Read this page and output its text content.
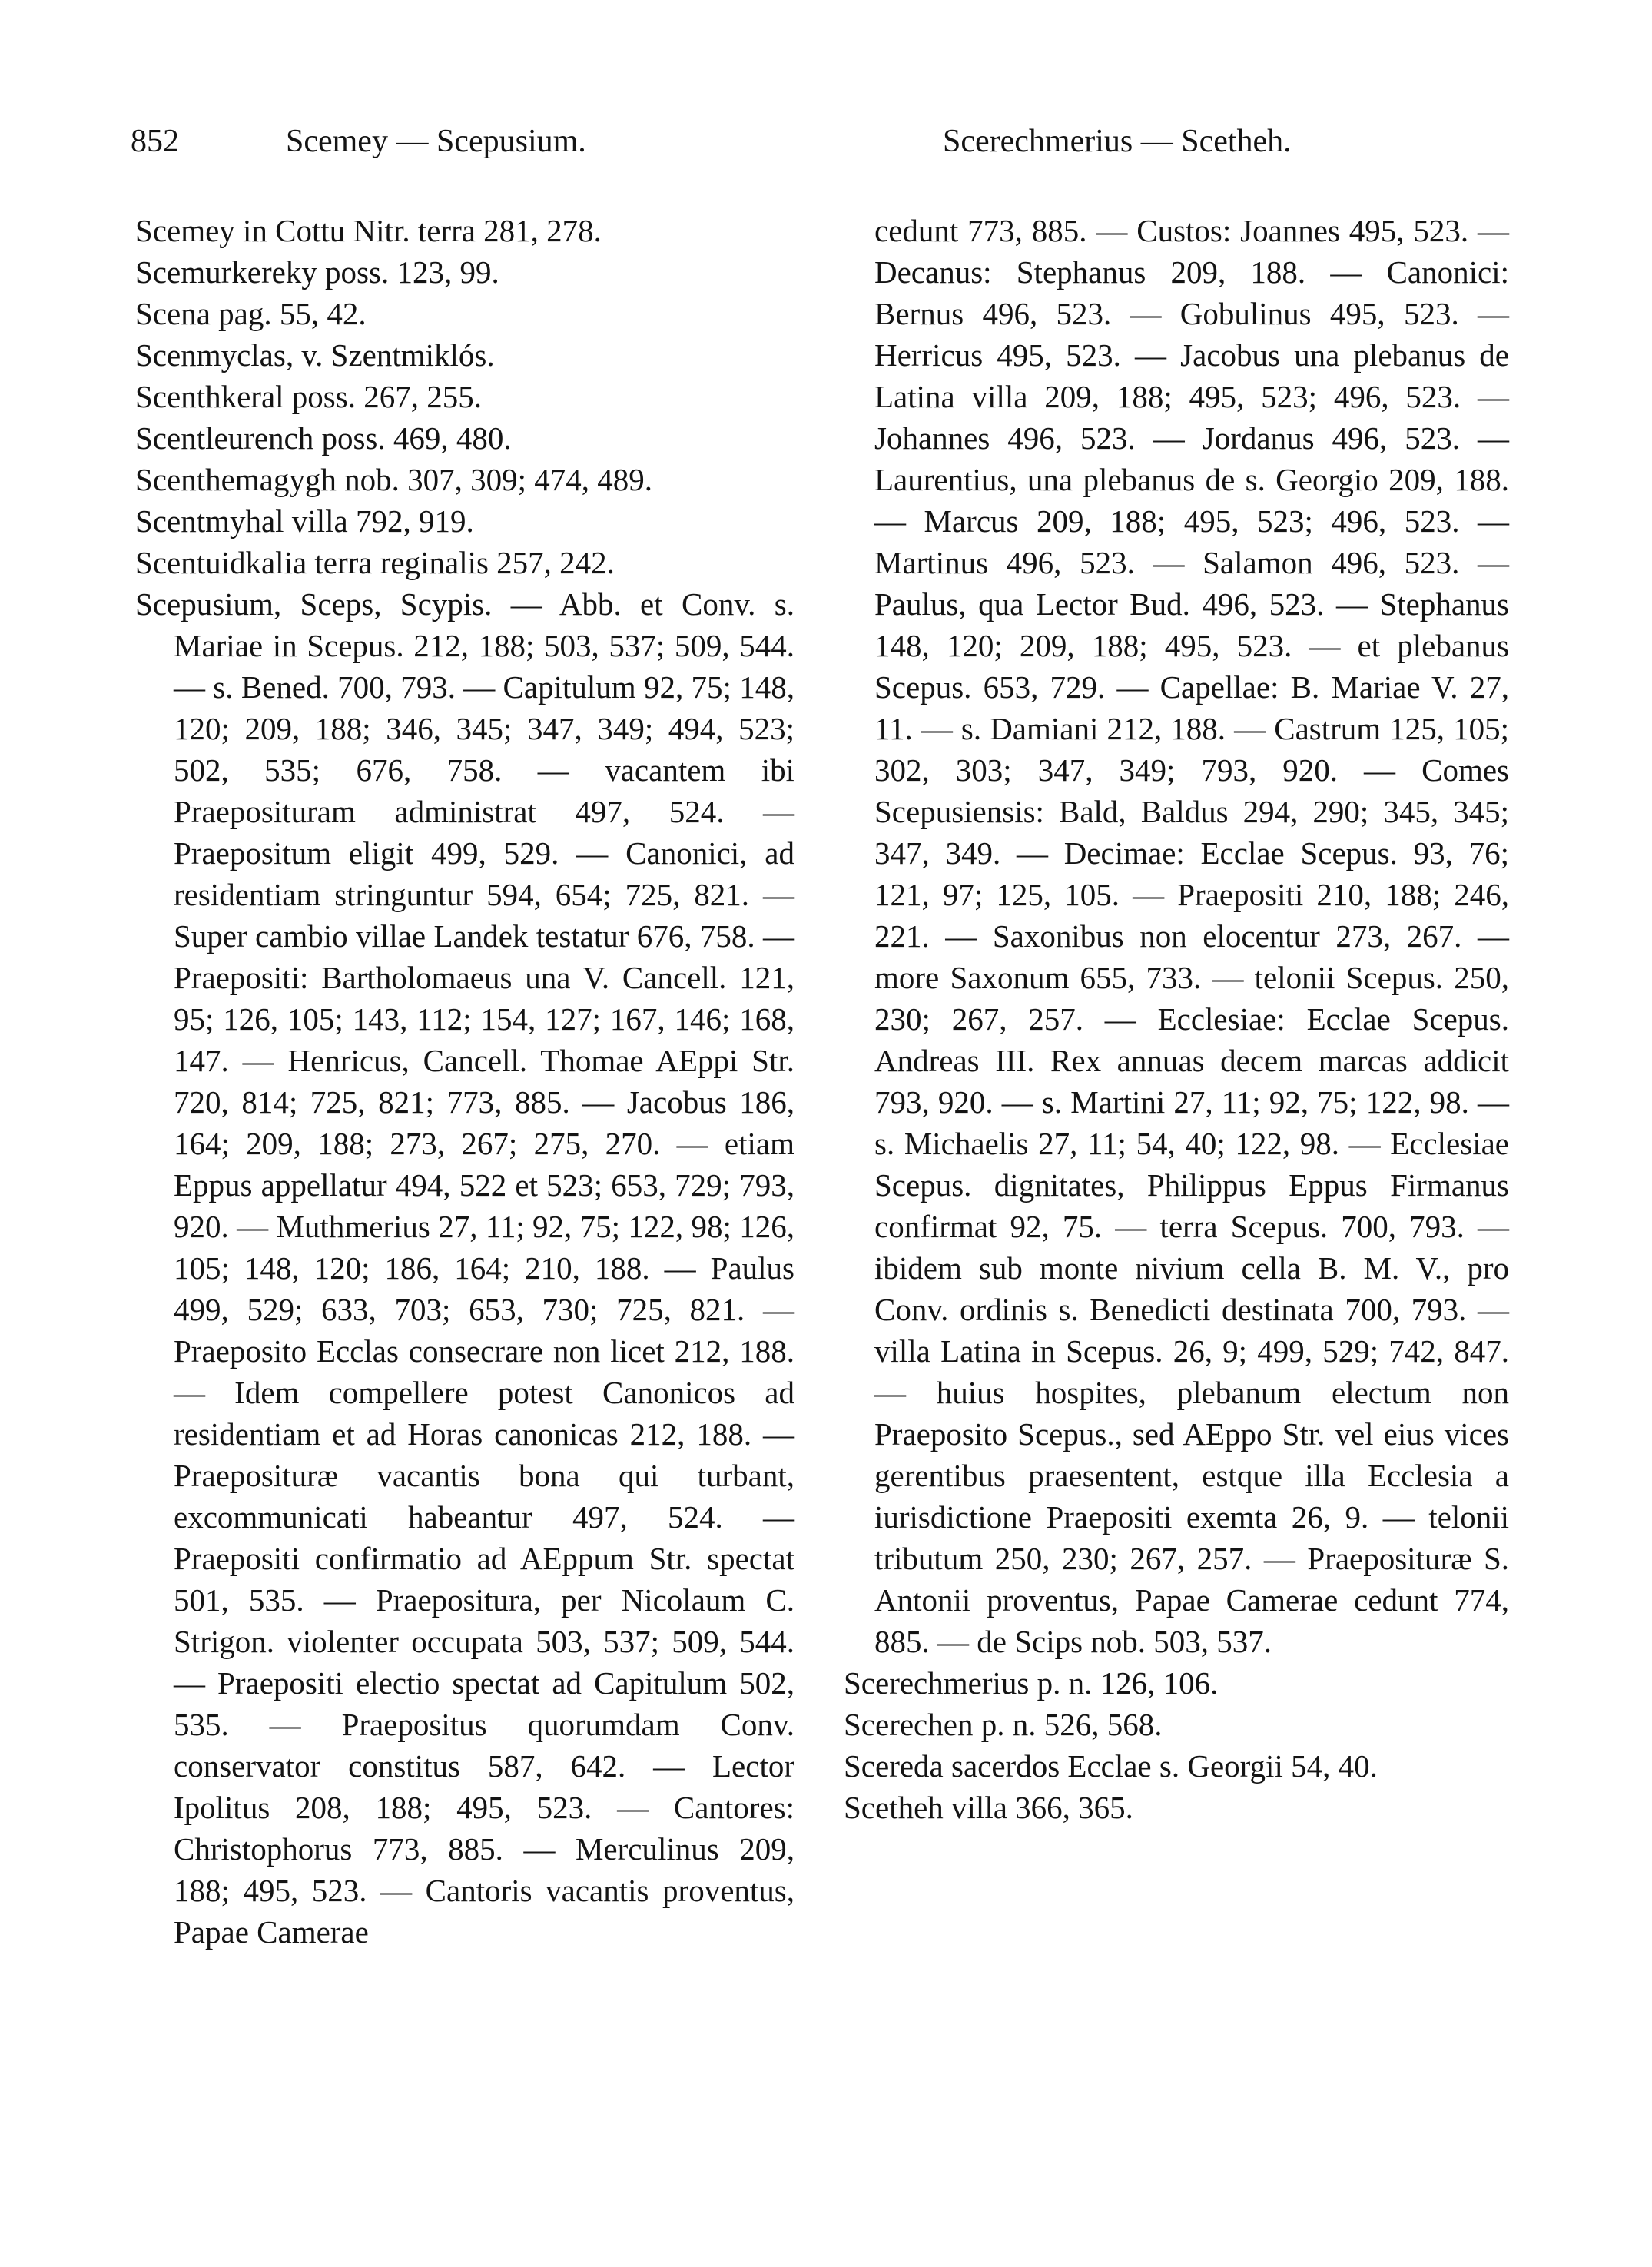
852	Scemey — Scepusium.	Scerechmerius — Scetheh.

Scemey in Cottu Nitr. terra 281, 278.

Scemurkereky poss. 123, 99.

Scena pag. 55, 42.

Scenmyclas, v. Szentmiklós.

Scenthkeral poss. 267, 255.

Scentleurench poss. 469, 480.

Scenthemagygh nob. 307, 309; 474, 489.

Scentmyhal villa 792, 919.

Scentuidkalia terra reginalis 257, 242.

Scepusium, Sceps, Scypis. — Abb. et Conv. s. Mariae in Scepus. 212, 188; 503, 537; 509, 544. — s. Bened. 700, 793. — Capitulum 92, 75; 148, 120; 209, 188; 346, 345; 347, 349; 494, 523; 502, 535; 676, 758. — vacantem ibi Praeposituram administrat 497, 524. — Praepositum eligit 499, 529. — Canonici, ad residentiam stringuntur 594, 654; 725, 821. — Super cambio villae Landek testatur 676, 758. — Praepositi: Bartholomaeus una V. Cancell. 121, 95; 126, 105; 143, 112; 154, 127; 167, 146; 168, 147. — Henricus, Cancell. Thomae AEppi Str. 720, 814; 725, 821; 773, 885. — Jacobus 186, 164; 209, 188; 273, 267; 275, 270. — etiam Eppus appellatur 494, 522 et 523; 653, 729; 793, 920. — Muthmerius 27, 11; 92, 75; 122, 98; 126, 105; 148, 120; 186, 164; 210, 188. — Paulus 499, 529; 633, 703; 653, 730; 725, 821. — Praeposito Ecclas consecrare non licet 212, 188. — Idem compellere potest Canonicos ad residentiam et ad Horas canonicas 212, 188. — Praeposituræ vacantis bona qui turbant, excommunicati habeantur 497, 524. — Praepositi confirmatio ad AEppum Str. spectat 501, 535. — Praepositura, per Nicolaum C. Strigon. violenter occupata 503, 537; 509, 544. — Praepositi electio spectat ad Capitulum 502, 535. — Praepositus quorumdam Conv. conservator constitus 587, 642. — Lector Ipolitus 208, 188; 495, 523. — Cantores: Christophorus 773, 885. — Merculinus 209, 188; 495, 523. — Cantoris vacantis proventus, Papae Camerae

cedunt 773, 885. — Custos: Joannes 495, 523. — Decanus: Stephanus 209, 188. — Canonici: Bernus 496, 523. — Gobulinus 495, 523. — Herricus 495, 523. — Jacobus una plebanus de Latina villa 209, 188; 495, 523; 496, 523. — Johannes 496, 523. — Jordanus 496, 523. — Laurentius, una plebanus de s. Georgio 209, 188. — Marcus 209, 188; 495, 523; 496, 523. — Martinus 496, 523. — Salamon 496, 523. — Paulus, qua Lector Bud. 496, 523. — Stephanus 148, 120; 209, 188; 495, 523. — et plebanus Scepus. 653, 729. — Capellae: B. Mariae V. 27, 11. — s. Damiani 212, 188. — Castrum 125, 105; 302, 303; 347, 349; 793, 920. — Comes Scepusiensis: Bald, Baldus 294, 290; 345, 345; 347, 349. — Decimae: Ecclae Scepus. 93, 76; 121, 97; 125, 105. — Praepositi 210, 188; 246, 221. — Saxonibus non elocentur 273, 267. — more Saxonum 655, 733. — telonii Scepus. 250, 230; 267, 257. — Ecclesiae: Ecclae Scepus. Andreas III. Rex annuas decem marcas addicit 793, 920. — s. Martini 27, 11; 92, 75; 122, 98. — s. Michaelis 27, 11; 54, 40; 122, 98. — Ecclesiae Scepus. dignitates, Philippus Eppus Firmanus confirmat 92, 75. — terra Scepus. 700, 793. — ibidem sub monte nivium cella B. M. V., pro Conv. ordinis s. Benedicti destinata 700, 793. — villa Latina in Scepus. 26, 9; 499, 529; 742, 847. — huius hospites, plebanum electum non Praeposito Scepus., sed AEppo Str. vel eius vices gerentibus praesentent, estque illa Ecclesia a iurisdictione Praepositi exemta 26, 9. — telonii tributum 250, 230; 267, 257. — Praeposituræ S. Antonii proventus, Papae Camerae cedunt 774, 885. — de Scips nob. 503, 537.

Scerechmerius p. n. 126, 106.

Scerechen p. n. 526, 568.

Scereda sacerdos Ecclae s. Georgii 54, 40.

Scetheh villa 366, 365.
